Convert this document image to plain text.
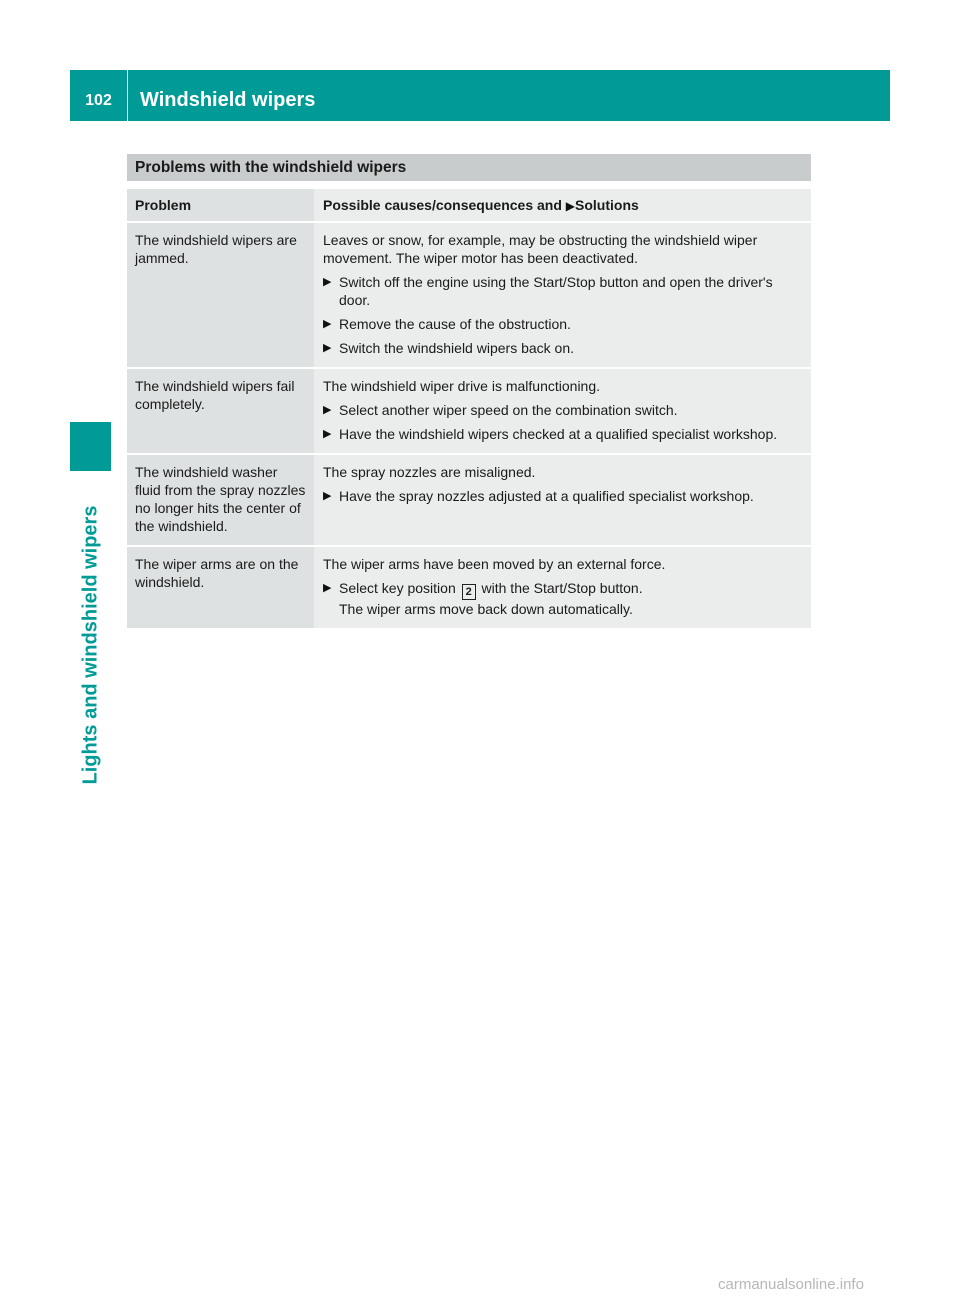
102	Windshield wipers
Lights and windshield wipers
Problems with the windshield wipers
Problem	Possible causes/consequences and ▶Solutions
The windshield wipers are jammed.

Leaves or snow, for example, may be obstructing the windshield wiper movement. The wiper motor has been deactivated.

▶ Switch off the engine using the Start/Stop button and open the driver's door.
▶ Remove the cause of the obstruction.
▶ Switch the windshield wipers back on.
The windshield wipers fail completely.

The windshield wiper drive is malfunctioning.

▶ Select another wiper speed on the combination switch.
▶ Have the windshield wipers checked at a qualified specialist workshop.
The windshield washer fluid from the spray nozzles no longer hits the center of the windshield.

The spray nozzles are misaligned.

▶ Have the spray nozzles adjusted at a qualified specialist workshop.
The wiper arms are on the windshield.

The wiper arms have been moved by an external force.

▶ Select key position 2 with the Start/Stop button.
The wiper arms move back down automatically.
carmanualsonline.info
